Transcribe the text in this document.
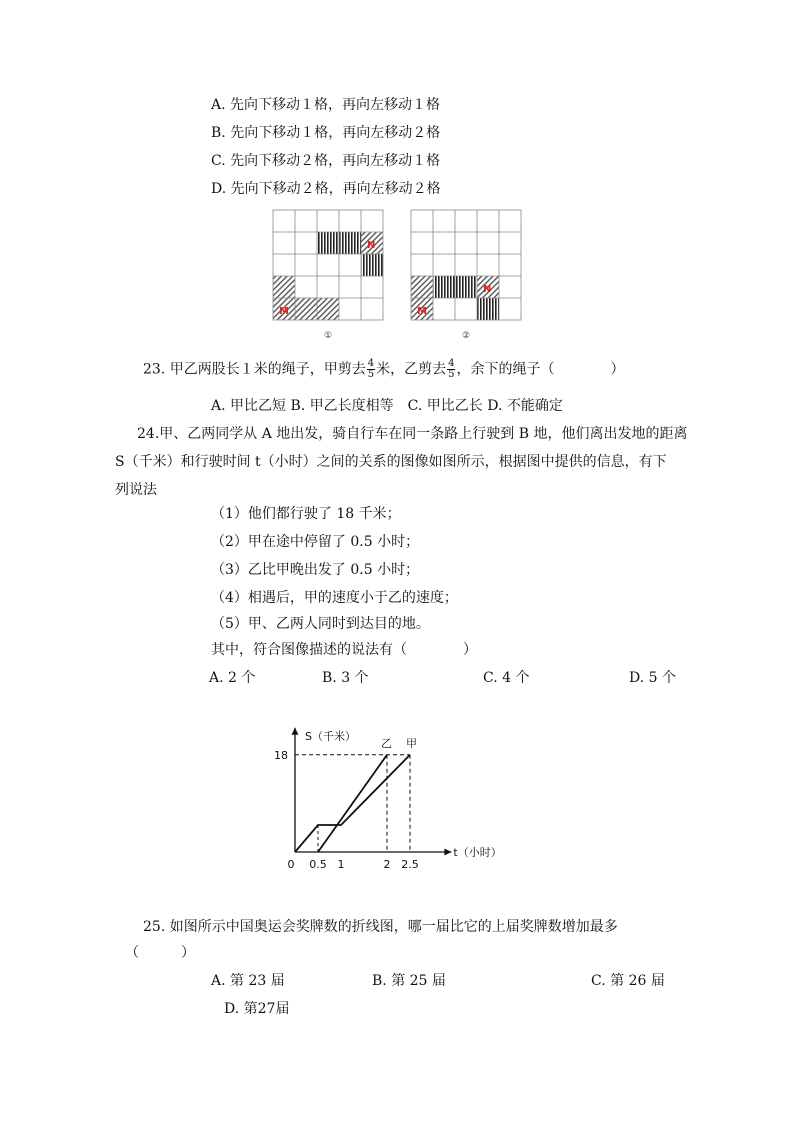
A. 先向下移动１格，再向左移动１格
B. 先向下移动１格，再向左移动２格
C. 先向下移动２格，再向左移动１格
D. 先向下移动２格，再向左移动２格
N
M
①
N
M
②
23. 甲乙两股长１米的绳子，甲剪去 $\frac{4}{5}$ 米，乙剪去 $\frac{4}{5}$ ，余下的绳子（　　　　）
A. 甲比乙短 B. 甲乙长度相等　C. 甲比乙长 D. 不能确定
24.甲、乙两同学从 A 地出发，骑自行车在同一条路上行驶到 B 地，他们离出发地的距离
S（千米）和行驶时间 t（小时）之间的关系的图像如图所示，根据图中提供的信息，有下
列说法
（1）他们都行驶了 18 千米；
（2）甲在途中停留了 0.5 小时；
（3）乙比甲晚出发了 0.5 小时；
（4）相遇后，甲的速度小于乙的速度；
（5）甲、乙两人同时到达目的地。
其中，符合图像描述的说法有（　　　　）
A. 2 个	B. 3 个	C. 4 个	D. 5 个
S（千米）
t（小时）
甲
乙
0 0.5 1	2 2.5
18
25. 如图所示中国奥运会奖牌数的折线图，哪一届比它的上届奖牌数增加最多
（　　　）
A. 第 23 届	B. 第 25 届	C. 第 26 届
D. 第27届
